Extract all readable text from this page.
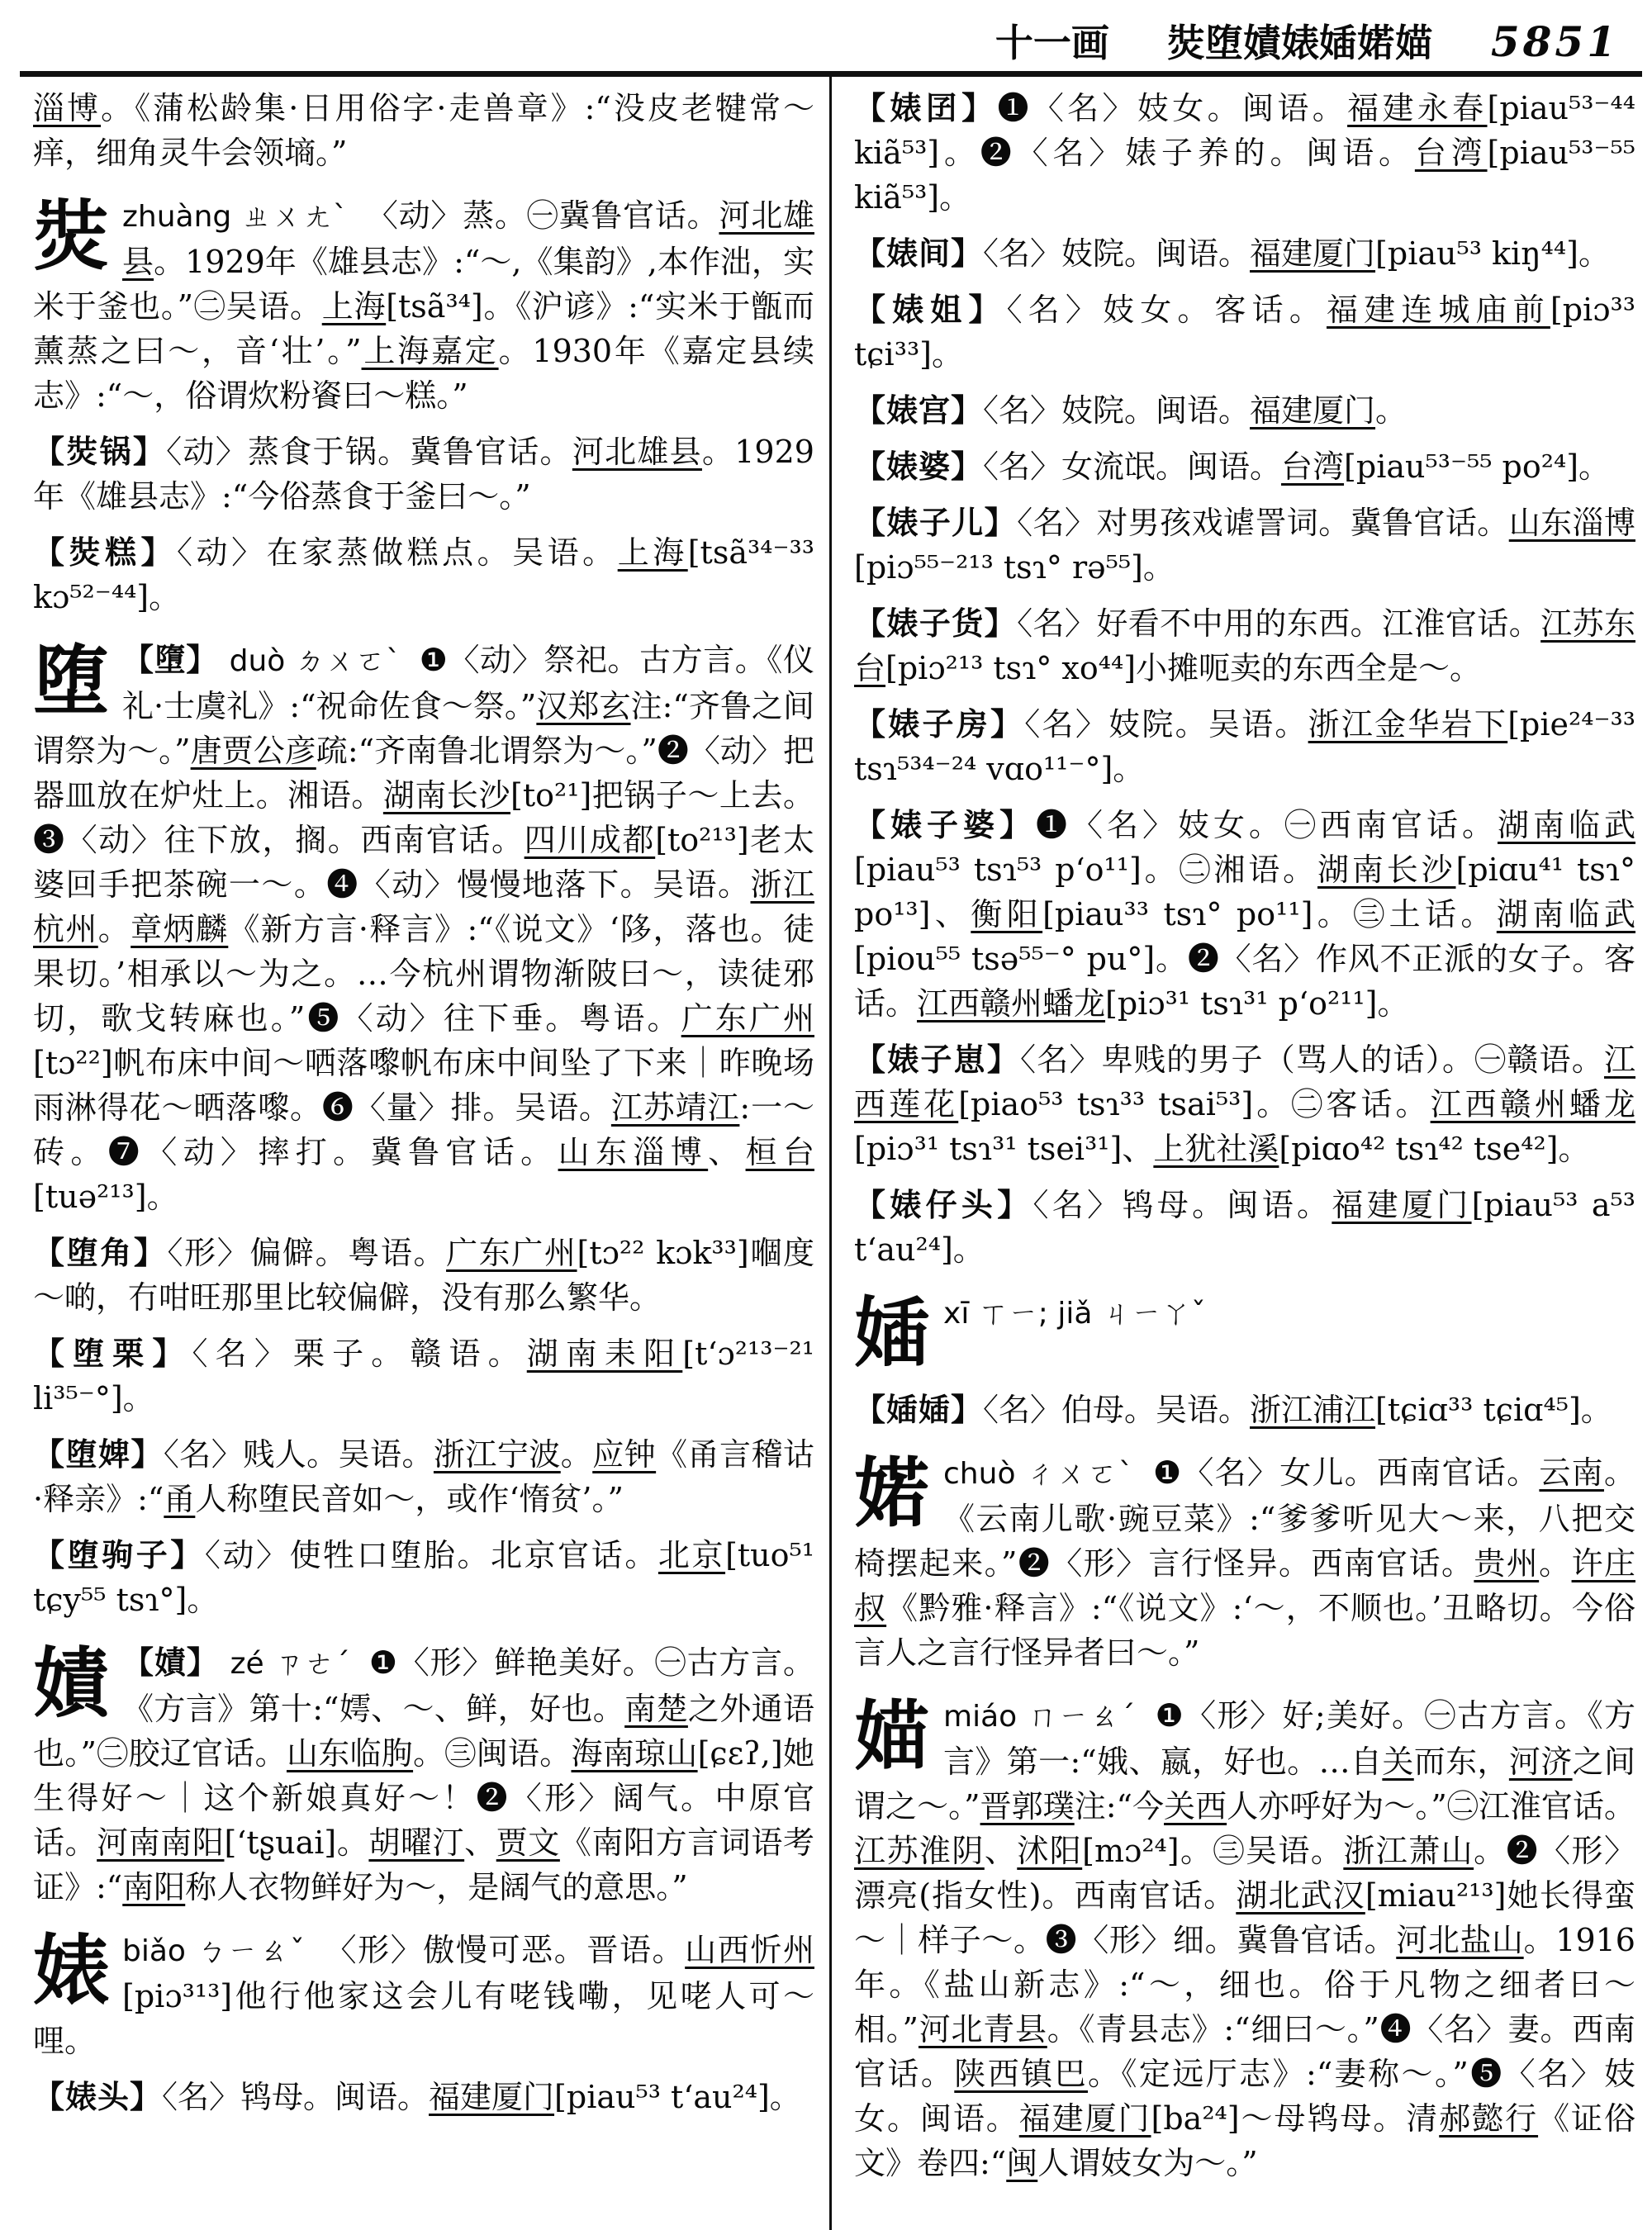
十一画 焋堕嫧婊㛼婼媌 5851
淄博。《蒲松龄集·日用俗字·走兽章》:“没皮老犍常～痒，细角灵牛会领墒。”
焋zhuàng ㄓㄨㄤˋ 〈动〉蒸。㊀冀鲁官话。河北雄县。1929年《雄县志》:“～,《集韵》,本作泏，实米于釜也。”㊁吴语。上海[tsã³⁴]。《沪谚》:“实米于甑而薰蒸之曰～，音‘壮’。”上海嘉定。1930年《嘉定县续志》:“～，俗谓炊粉餈曰～糕。”
【焋锅】〈动〉蒸食于锅。冀鲁官话。河北雄县。1929年《雄县志》:“今俗蒸食于釜曰～。”
【焋糕】〈动〉在家蒸做糕点。吴语。上海[tsã³⁴⁻³³ kɔ⁵²⁻⁴⁴]。
堕 【墮】 duò ㄉㄨㄛˋ ❶〈动〉祭祀。古方言。《仪礼·士虞礼》:“祝命佐食～祭。”汉郑玄注:“齐鲁之间谓祭为～。”唐贾公彦疏:“齐南鲁北谓祭为～。”❷〈动〉把器皿放在炉灶上。湘语。湖南长沙[to²¹]把锅子～上去。❸〈动〉往下放，搁。西南官话。四川成都[to²¹³]老太婆回手把茶碗一～。❹〈动〉慢慢地落下。吴语。浙江杭州。章炳麟《新方言·释言》:“《说文》‘陊，落也。徒果切。’相承以～为之。…今杭州谓物渐陂曰～，读徒邪切，歌戈转麻也。”❺〈动〉往下垂。粤语。广东广州[tɔ²²]帆布床中间～哂落嚟帆布床中间坠了下来｜昨晚场雨淋得花～晒落嚟。❻〈量〉排。吴语。江苏靖江:一～砖。❼〈动〉摔打。冀鲁官话。山东淄博、桓台[tuə²¹³]。
【堕角】〈形〉偏僻。粤语。广东广州[tɔ²² kɔk³³]嗰度～啲，冇咁旺那里比较偏僻，没有那么繁华。
【堕栗】〈名〉栗子。赣语。湖南耒阳[t‘ɔ²¹³⁻²¹ li³⁵⁻°]。
【堕婢】〈名〉贱人。吴语。浙江宁波。应钟《甬言稽诂·释亲》:“甬人称堕民音如～，或作‘惰贫’。”
【堕驹子】〈动〉使牲口堕胎。北京官话。北京[tuo⁵¹ tɕy⁵⁵ tsɿ°]。
嫧 【嫧】 zé ㄗㄜˊ ❶〈形〉鲜艳美好。㊀古方言。《方言》第十:“嫮、～、鲜，好也。南楚之外通语也。”㊁胶辽官话。山东临朐。㊂闽语。海南琼山[ɕɛʔ,]她生得好～｜这个新娘真好～！❷〈形〉阔气。中原官话。河南南阳[‘tʂuai]。胡曜汀、贾文《南阳方言词语考证》:“南阳称人衣物鲜好为～，是阔气的意思。”
婊biǎo ㄅㄧㄠˇ 〈形〉傲慢可恶。晋语。山西忻州[piɔ³¹³]他行他家这会儿有咾钱嘞，见咾人可～哩。
【婊头】〈名〉鸨母。闽语。福建厦门[piau⁵³ t‘au²⁴]。
【婊囝】❶〈名〉妓女。闽语。福建永春[piau⁵³⁻⁴⁴ kiã⁵³]。❷〈名〉婊子养的。闽语。台湾[piau⁵³⁻⁵⁵ kiã⁵³]。
【婊间】〈名〉妓院。闽语。福建厦门[piau⁵³ kiŋ⁴⁴]。
【婊姐】〈名〉妓女。客话。福建连城庙前[piɔ³³ tɕi³³]。
【婊宫】〈名〉妓院。闽语。福建厦门。
【婊婆】〈名〉女流氓。闽语。台湾[piau⁵³⁻⁵⁵ po²⁴]。
【婊子儿】〈名〉对男孩戏谑詈词。冀鲁官话。山东淄博[piɔ⁵⁵⁻²¹³ tsɿ° rə⁵⁵]。
【婊子货】〈名〉好看不中用的东西。江淮官话。江苏东台[piɔ²¹³ tsɿ° xo⁴⁴]小摊呃卖的东西全是～。
【婊子房】〈名〉妓院。吴语。浙江金华岩下[pie²⁴⁻³³ tsɿ⁵³⁴⁻²⁴ vɑo¹¹⁻°]。
【婊子婆】❶〈名〉妓女。㊀西南官话。湖南临武[piau⁵³ tsɿ⁵³ p‘o¹¹]。㊁湘语。湖南长沙[piɑu⁴¹ tsɿ° po¹³]、衡阳[piau³³ tsɿ° po¹¹]。㊂土话。湖南临武[piou⁵⁵ tsə⁵⁵⁻° pu°]。❷〈名〉作风不正派的女子。客话。江西赣州蟠龙[piɔ³¹ tsɿ³¹ p‘o²¹¹]。
【婊子崽】〈名〉卑贱的男子（骂人的话）。㊀赣语。江西莲花[piao⁵³ tsɿ³³ tsai⁵³]。㊁客话。江西赣州蟠龙[piɔ³¹ tsɿ³¹ tsei³¹]、上犹社溪[piɑo⁴² tsɿ⁴² tse⁴²]。
【婊仔头】〈名〉鸨母。闽语。福建厦门[piau⁵³ a⁵³ t‘au²⁴]。
㛼xī ㄒㄧ; jiǎ ㄐㄧㄚˇ
【㛼㛼】〈名〉伯母。吴语。浙江浦江[tɕiɑ³³ tɕiɑ⁴⁵]。
婼chuò ㄔㄨㄛˋ ❶〈名〉女儿。西南官话。云南。《云南儿歌·豌豆菜》:“爹爹听见大～来，八把交椅摆起来。”❷〈形〉言行怪异。西南官话。贵州。许庄叔《黔雅·释言》:“《说文》:‘～，不顺也。’丑略切。今俗言人之言行怪异者曰～。”
媌miáo ㄇㄧㄠˊ ❶〈形〉好;美好。㊀古方言。《方言》第一:“娥、嬴，好也。…自关而东，河济之间谓之～。”晋郭璞注:“今关西人亦呼好为～。”㊁江淮官话。江苏淮阴、沭阳[mɔ²⁴]。㊂吴语。浙江萧山。❷〈形〉漂亮(指女性)。西南官话。湖北武汉[miau²¹³]她长得蛮～｜样子～。❸〈形〉细。冀鲁官话。河北盐山。1916年。《盐山新志》:“～，细也。俗于凡物之细者曰～相。”河北青县。《青县志》:“细曰～。”❹〈名〉妻。西南官话。陕西镇巴。《定远厅志》:“妻称～。”❺〈名〉妓女。闽语。福建厦门[ba²⁴]～母鸨母。清郝懿行《证俗文》卷四:“闽人谓妓女为～。”
